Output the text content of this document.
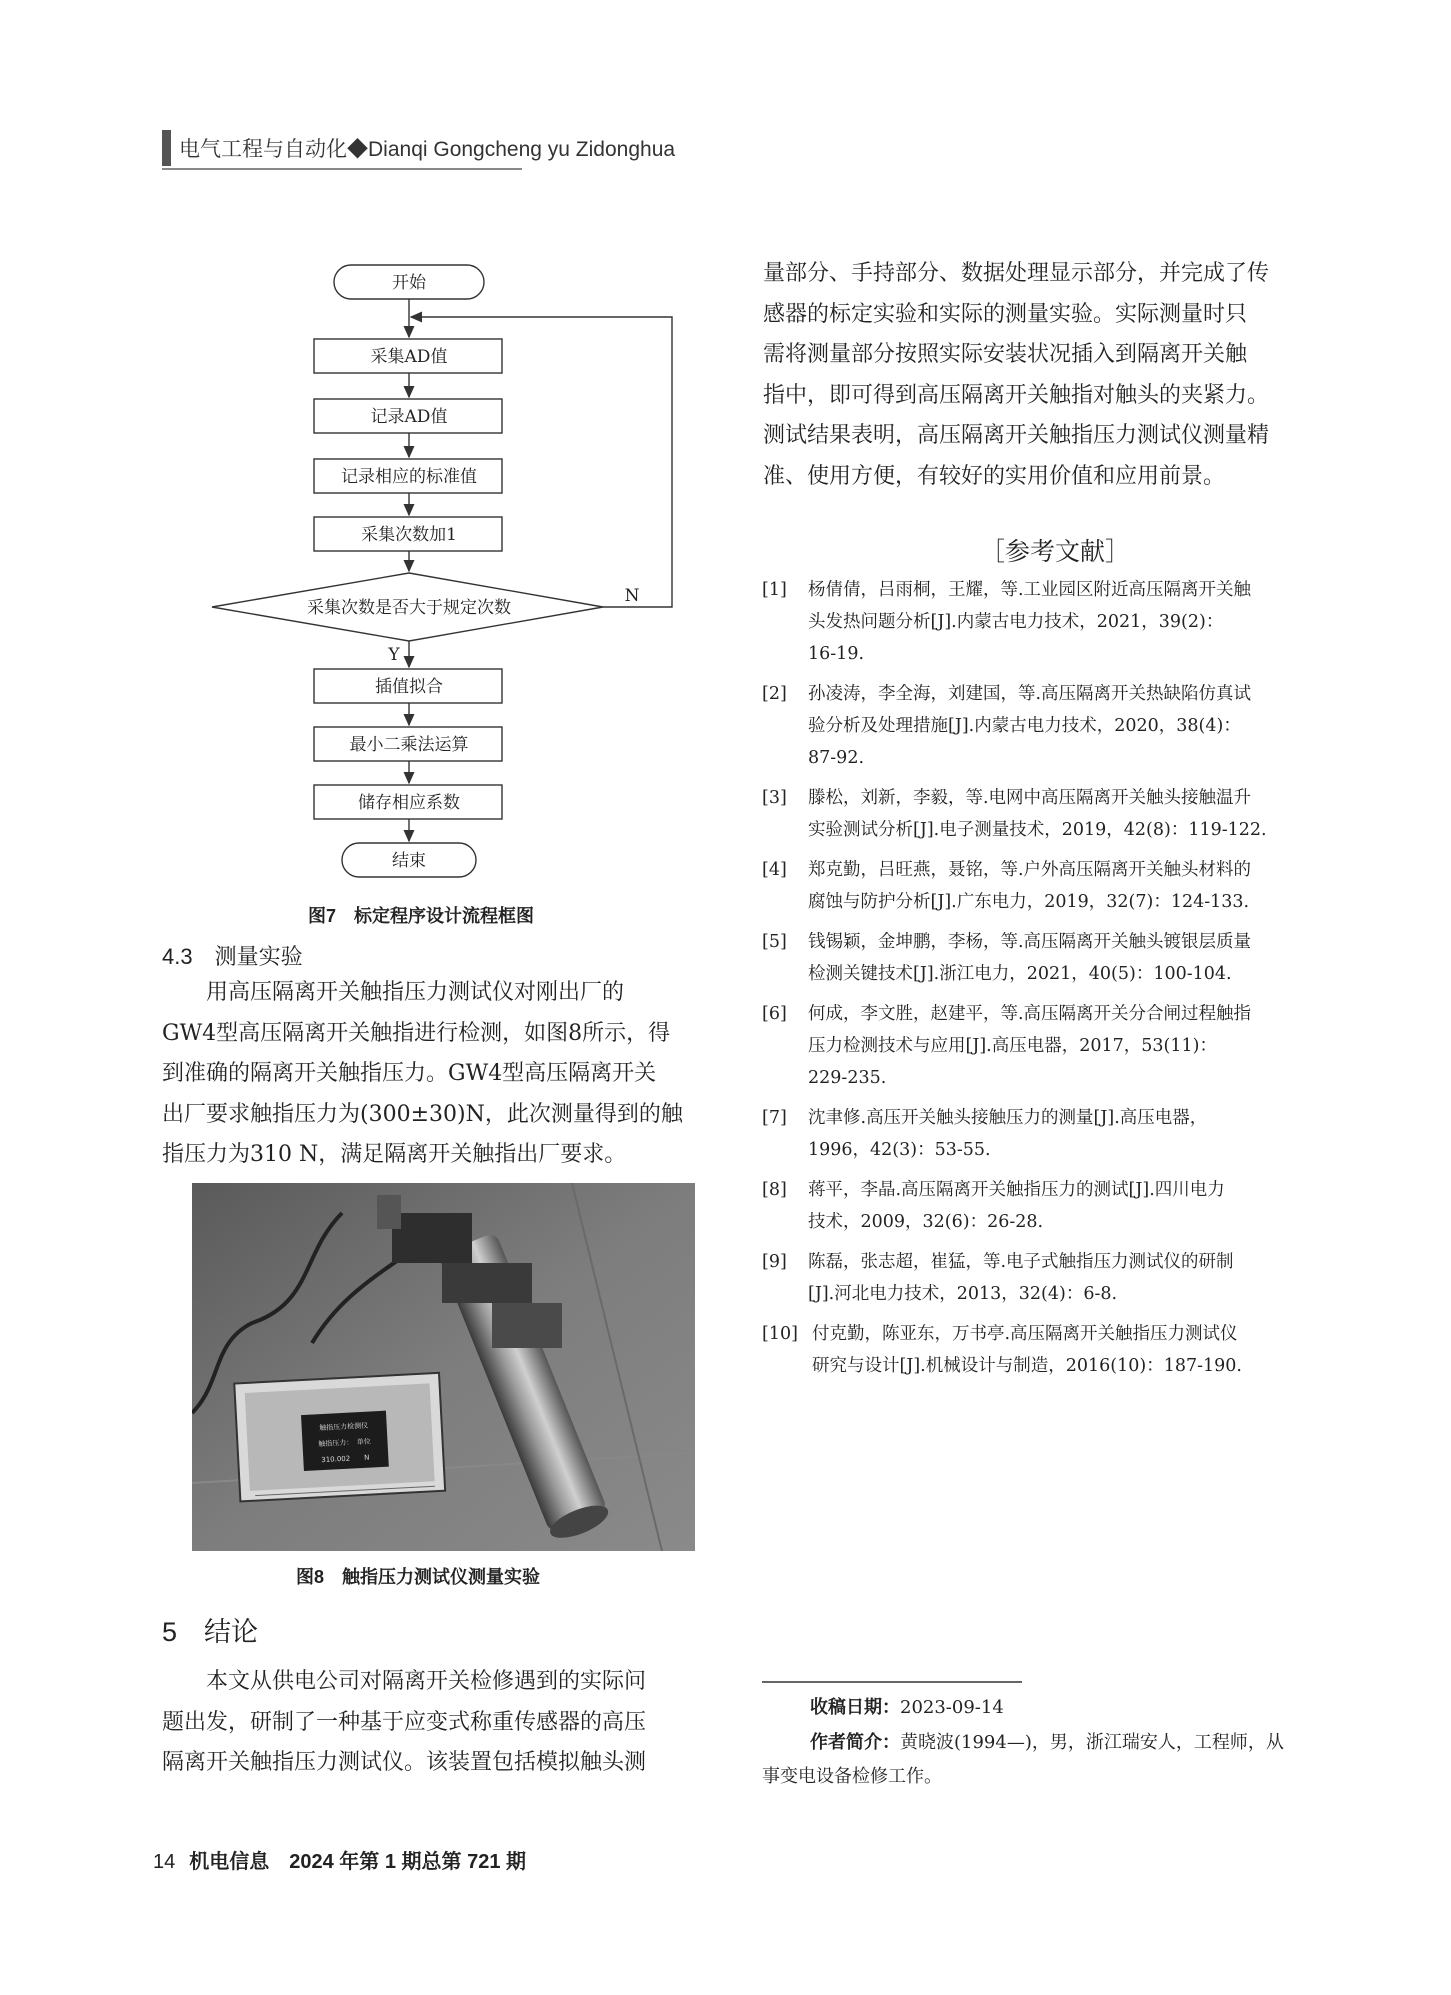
电气工程与自动化◆Dianqi Gongcheng yu Zidonghua
开始
采集AD值
记录AD值
记录相应的标准值
采集次数加1
采集次数是否大于规定次数
N
Y
插值拟合
最小二乘法运算
储存相应系数
结束
图7　标定程序设计流程框图
4.3　测量实验

　　用高压隔离开关触指压力测试仪对刚出厂的

GW4型高压隔离开关触指进行检测，如图8所示，得

到准确的隔离开关触指压力。GW4型高压隔离开关

出厂要求触指压力为(300±30)N，此次测量得到的触

指压力为310 N，满足隔离开关触指出厂要求。

触指压力检测仪
触指压力：　单位
310.002　　N
图8　触指压力测试仪测量实验
5　结论

　　本文从供电公司对隔离开关检修遇到的实际问

题出发，研制了一种基于应变式称重传感器的高压

隔离开关触指压力测试仪。该装置包括模拟触头测

量部分、手持部分、数据处理显示部分，并完成了传

感器的标定实验和实际的测量实验。实际测量时只

需将测量部分按照实际安装状况插入到隔离开关触

指中，即可得到高压隔离开关触指对触头的夹紧力。

测试结果表明，高压隔离开关触指压力测试仪测量精

准、使用方便，有较好的实用价值和应用前景。

［参考文献］
[1] 杨倩倩，吕雨桐，王耀，等.工业园区附近高压隔离开关触
头发热问题分析[J].内蒙古电力技术，2021，39(2)：
16-19.
[2] 孙凌涛，李全海，刘建国，等.高压隔离开关热缺陷仿真试
验分析及处理措施[J].内蒙古电力技术，2020，38(4)：
87-92.
[3] 滕松，刘新，李毅，等.电网中高压隔离开关触头接触温升
实验测试分析[J].电子测量技术，2019，42(8)：119-122.
[4] 郑克勤，吕旺燕，聂铭，等.户外高压隔离开关触头材料的
腐蚀与防护分析[J].广东电力，2019，32(7)：124-133.
[5] 钱锡颖，金坤鹏，李杨，等.高压隔离开关触头镀银层质量
检测关键技术[J].浙江电力，2021，40(5)：100-104.
[6] 何成，李文胜，赵建平，等.高压隔离开关分合闸过程触指
压力检测技术与应用[J].高压电器，2017，53(11)：
229-235.
[7] 沈聿修.高压开关触头接触压力的测量[J].高压电器，
1996，42(3)：53-55.
[8] 蒋平，李晶.高压隔离开关触指压力的测试[J].四川电力
技术，2009，32(6)：26-28.
[9] 陈磊，张志超，崔猛，等.电子式触指压力测试仪的研制
[J].河北电力技术，2013，32(4)：6-8.
[10] 付克勤，陈亚东，万书亭.高压隔离开关触指压力测试仪
研究与设计[J].机械设计与制造，2016(10)：187-190.
收稿日期：2023-09-14
作者简介：黄晓波(1994—)，男，浙江瑞安人，工程师，从
事变电设备检修工作。
14 机电信息　2024 年第 1 期总第 721 期
